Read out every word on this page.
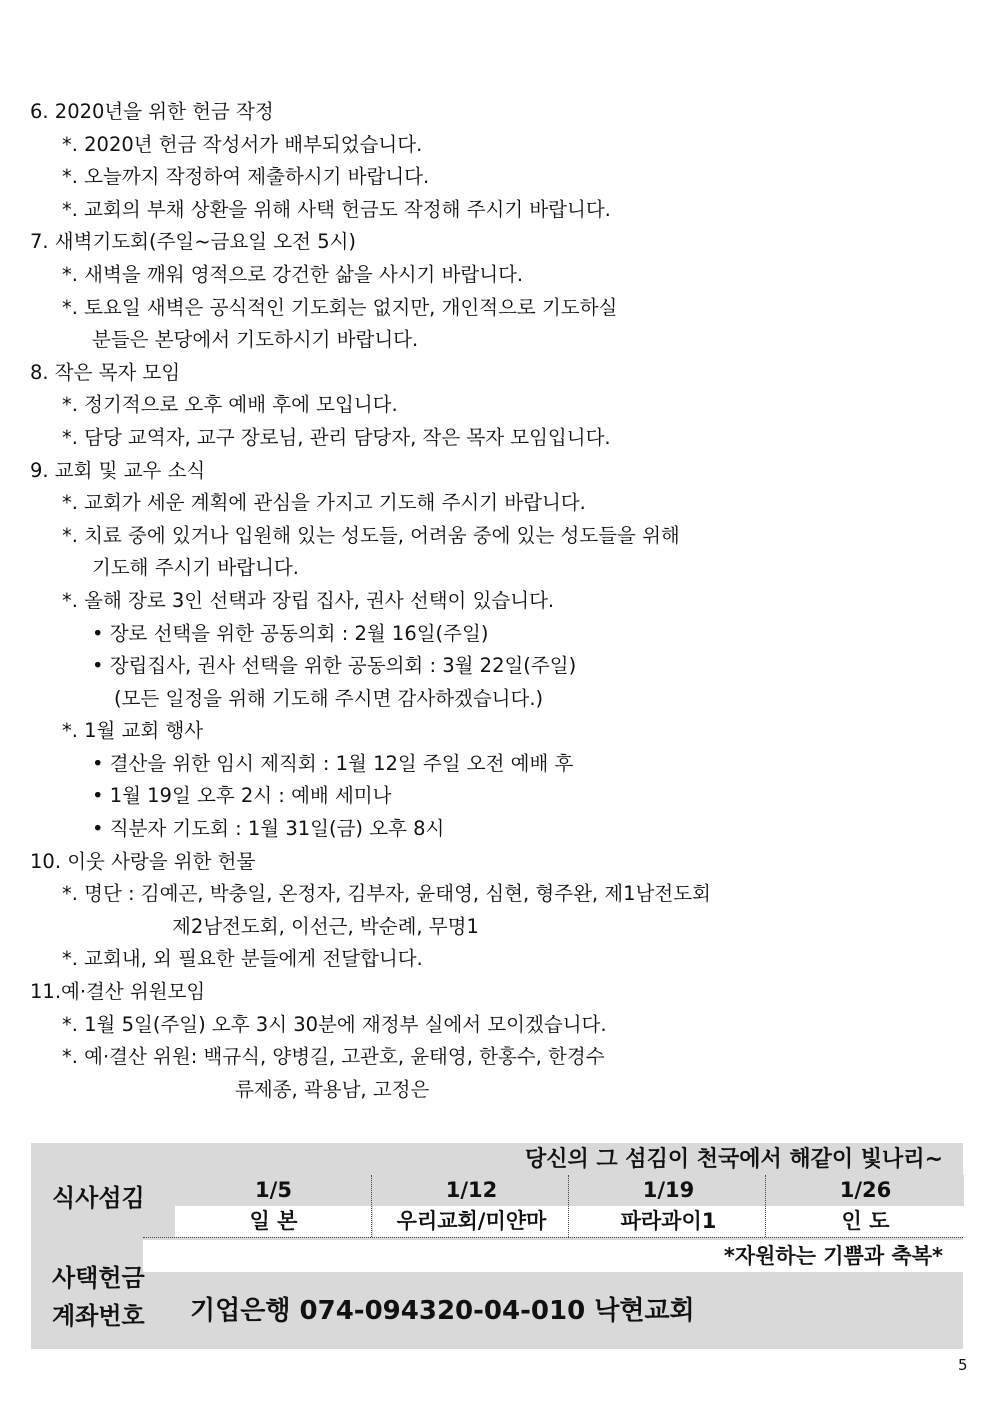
6. 2020년을 위한 헌금 작정
*. 2020년 헌금 작성서가 배부되었습니다.
*. 오늘까지 작정하여 제출하시기 바랍니다.
*. 교회의 부채 상환을 위해 사택 헌금도 작정해 주시기 바랍니다.
7. 새벽기도회(주일~금요일 오전 5시)
*. 새벽을 깨워 영적으로 강건한 삶을 사시기 바랍니다.
*. 토요일 새벽은 공식적인 기도회는 없지만, 개인적으로 기도하실
분들은 본당에서 기도하시기 바랍니다.
8. 작은 목자 모임
*. 정기적으로 오후 예배 후에 모입니다.
*. 담당 교역자, 교구 장로님, 관리 담당자, 작은 목자 모임입니다.
9. 교회 및 교우 소식
*. 교회가 세운 계획에 관심을 가지고 기도해 주시기 바랍니다.
*. 치료 중에 있거나 입원해 있는 성도들, 어려움 중에 있는 성도들을 위해
기도해 주시기 바랍니다.
*. 올해 장로 3인 선택과 장립 집사, 권사 선택이 있습니다.
• 장로 선택을 위한 공동의회 : 2월 16일(주일)
• 장립집사, 권사 선택을 위한 공동의회 : 3월 22일(주일)
(모든 일정을 위해 기도해 주시면 감사하겠습니다.)
*. 1월 교회 행사
• 결산을 위한 임시 제직회 : 1월 12일 주일 오전 예배 후
• 1월 19일 오후 2시 : 예배 세미나
• 직분자 기도회 : 1월 31일(금) 오후 8시
10. 이웃 사랑을 위한 헌물
*. 명단 : 김예곤, 박충일, 온정자, 김부자, 윤태영, 심현, 형주완, 제1남전도회
제2남전도회, 이선근, 박순례, 무명1
*. 교회내, 외 필요한 분들에게 전달합니다.
11.예·결산 위원모임
*. 1월 5일(주일) 오후 3시 30분에 재정부 실에서 모이겠습니다.
*. 예·결산 위원: 백규식, 양병길, 고관호, 윤태영, 한홍수, 한경수
류제종, 곽용남, 고정은
식사섬김
당신의 그 섬김이 천국에서 해같이 빛나리~
1/5	1/12	1/19	1/26
일 본	우리교회/미얀마	파라과이1	인 도
*자원하는 기쁨과 축복*
사택헌금
계좌번호 기업은행 074-094320-04-010 낙현교회
5
